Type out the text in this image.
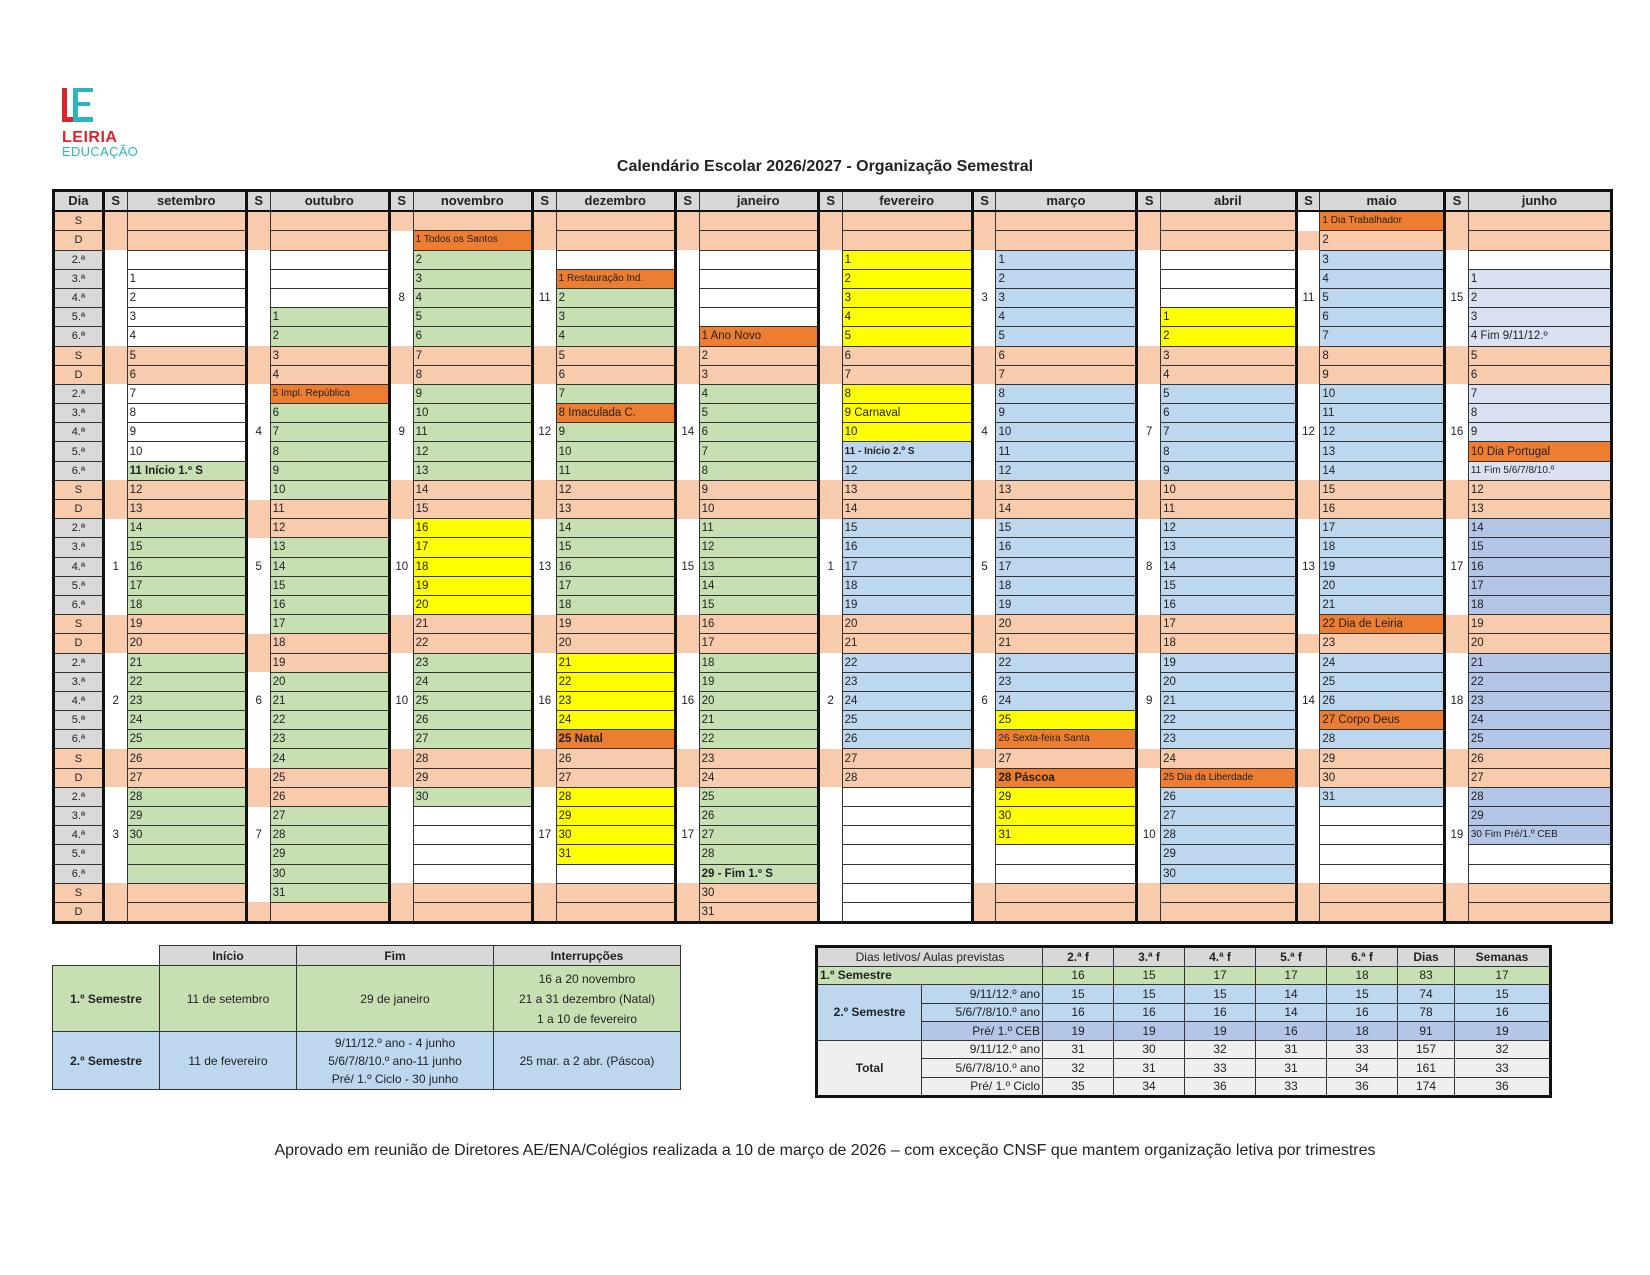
LEIRIA
EDUCAÇÃO
Calendário Escolar 2026/2027 - Organização Semestral
Dia	S	setembro	S	outubro	S	novembro	S	dezembro	S	janeiro	S	fevereiro	S	março	S	abril	S	maio	S	junho
S																		1 Dia Trabalhador		
D						1 Todos os Santos												2		
2.ª						2						1		1				3		
3.ª		1				3		1 Restauração Ind.				2		2				4		1
4.ª		2			8	4	11	2				3	3	3			11	5	15	2
5.ª		3		1		5		3				4		4		1		6		3
6.ª		4		2		6		4		1 Ano Novo		5		5		2		7		4 Fim 9/11/12.º
S		5		3		7		5		2		6		6		3		8		5
D		6		4		8		6		3		7		7		4		9		6
2.ª		7		5 Impl. República		9		7		4		8		8		5		10		7
3.ª		8		6		10		8 Imaculada C.		5		9 Carnaval		9		6		11		8
4.ª		9	4	7	9	11	12	9	14	6		10	4	10	7	7	12	12	16	9
5.ª		10		8		12		10		7		11 - Início 2.º S		11		8		13		10 Dia Portugal
6.ª		11 Início 1.º S		9		13		11		8		12		12		9		14		11 Fim 5/6/7/8/10.º
S		12		10		14		12		9		13		13		10		15		12
D		13		11		15		13		10		14		14		11		16		13
2.ª		14		12		16		14		11		15		15		12		17		14
3.ª		15		13		17		15		12		16		16		13		18		15
4.ª	1	16	5	14	10	18	13	16	15	13	1	17	5	17	8	14	13	19	17	16
5.ª		17		15		19		17		14		18		18		15		20		17
6.ª		18		16		20		18		15		19		19		16		21		18
S		19		17		21		19		16		20		20		17		22 Dia de Leiria		19
D		20		18		22		20		17		21		21		18		23		20
2.ª		21		19		23		21		18		22		22		19		24		21
3.ª		22		20		24		22		19		23		23		20		25		22
4.ª	2	23	6	21	10	25	16	23	16	20	2	24	6	24	9	21	14	26	18	23
5.ª		24		22		26		24		21		25		25		22		27 Corpo Deus		24
6.ª		25		23		27		25 Natal		22		26		26 Sexta-feira Santa		23		28		25
S		26		24		28		26		23		27		27		24		29		26
D		27		25		29		27		24		28		28 Páscoa		25 Dia da Liberdade		30		27
2.ª		28		26		30		28		25				29		26		31		28
3.ª		29		27				29		26				30		27				29
4.ª	3	30	7	28			17	30	17	27				31	10	28			19	30 Fim Pré/1.º CEB
5.ª				29				31		28						29				
6.ª				30						29 - Fim 1.º S						30				
S				31						30										
D										31										
	Início	Fim	Interrupções
1.º Semestre	11 de setembro	29 de janeiro	16 a 20 novembro
21 a 31 dezembro (Natal)
1 a 10 de fevereiro

2.º Semestre	11 de fevereiro	9/11/12.º ano - 4 junho
5/6/7/8/10.º ano-11 junho
Pré/ 1.º Ciclo - 30 junho	25 mar. a 2 abr. (Páscoa)
Dias letivos/ Aulas previstas		2.ª f	3.ª f	4.ª f	5.ª f	6.ª f	Dias	Semanas
1.º Semestre		16	15	17	17	18	83	17
2.º Semestre	9/11/12.º ano	15	15	15	14	15	74	15
	5/6/7/8/10.º ano	16	16	16	14	16	78	16
	Pré/ 1.º CEB	19	19	19	16	18	91	19
Total	9/11/12.º ano	31	30	32	31	33	157	32
	5/6/7/8/10.º ano	32	31	33	31	34	161	33
	Pré/ 1.º Ciclo	35	34	36	33	36	174	36
Aprovado em reunião de Diretores AE/ENA/Colégios realizada a 10 de março de 2026 – com exceção CNSF que mantem organização letiva por trimestres
